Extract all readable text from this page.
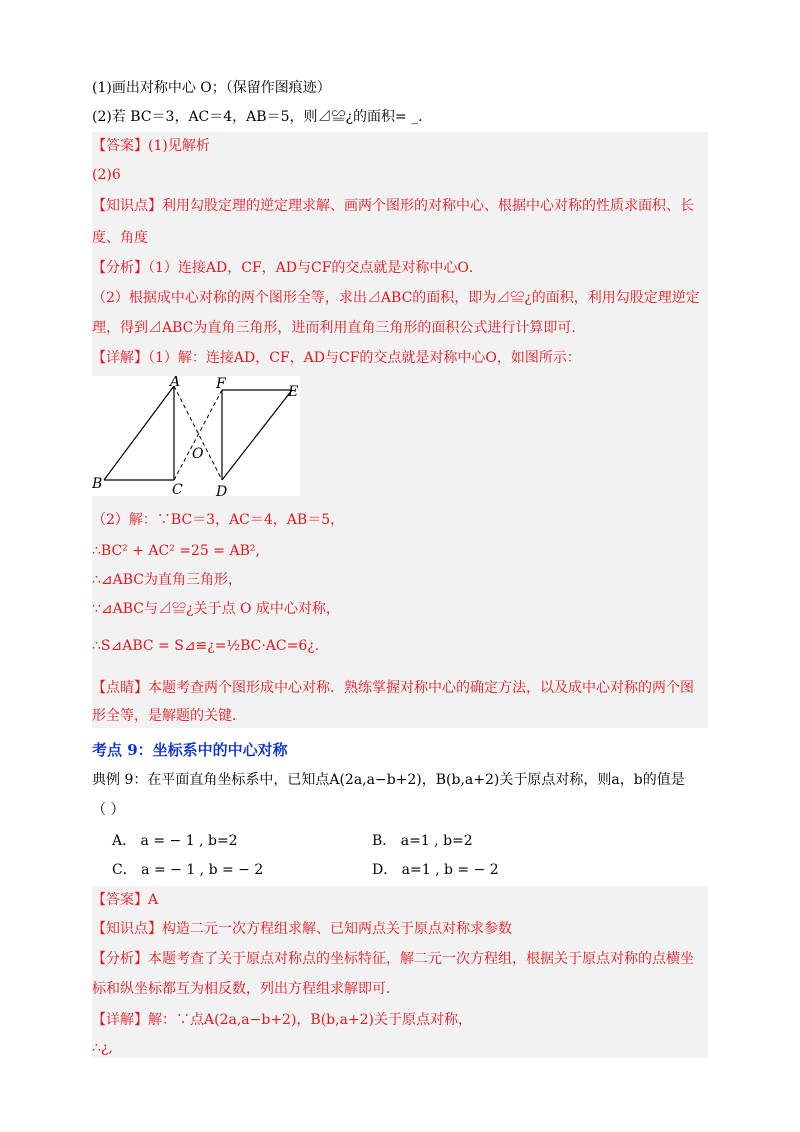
(1)画出对称中心 O；（保留作图痕迹）
(2)若 BC＝3，AC＝4，AB＝5，则⊿≌¿的面积= _.
【答案】(1)见解析
(2)6
【知识点】利用勾股定理的逆定理求解、画两个图形的对称中心、根据中心对称的性质求面积、长
度、角度
【分析】（1）连接AD，CF，AD与CF的交点就是对称中心O．
（2）根据成中心对称的两个图形全等，求出⊿ABC的面积，即为⊿≌¿的面积，利用勾股定理逆定
理，得到⊿ABC为直角三角形，进而利用直角三角形的面积公式进行计算即可．
【详解】（1）解：连接AD，CF，AD与CF的交点就是对称中心O，如图所示：
A
B	C D
E
F
O
（2）解：∵BC＝3，AC＝4，AB＝5，
∴BC² + AC² =25 = AB²,
∴⊿ABC为直角三角形，
∵⊿ABC与⊿≌¿关于点 O 成中心对称，
∴S⊿ABC = S⊿≌¿=½BC·AC=6¿.
【点睛】本题考查两个图形成中心对称．熟练掌握对称中心的确定方法，以及成中心对称的两个图
形全等，是解题的关键．
考点 9：坐标系中的中心对称
典例 9：在平面直角坐标系中，已知点A(2a,a−b+2)，B(b,a+2)关于原点对称，则a，b的值是
（ ）
A． a = − 1 , b=2	B． a=1 , b=2
C． a = − 1 , b = − 2	D． a=1 , b = − 2
【答案】A
【知识点】构造二元一次方程组求解、已知两点关于原点对称求参数
【分析】本题考查了关于原点对称点的坐标特征，解二元一次方程组，根据关于原点对称的点横坐
标和纵坐标都互为相反数，列出方程组求解即可．
【详解】解：∵点A(2a,a−b+2)，B(b,a+2)关于原点对称，
∴¿,
